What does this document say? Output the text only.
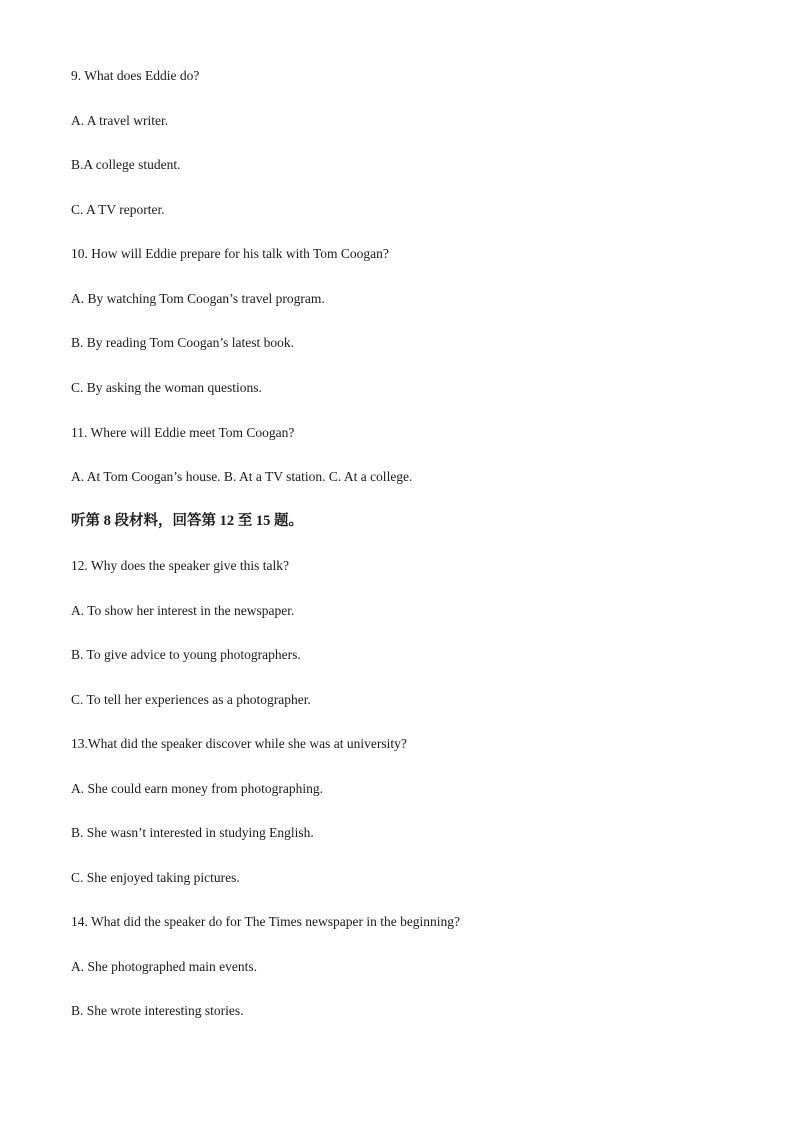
9. What does Eddie do?
A. A travel writer.
B.A college student.
C. A TV reporter.
10. How will Eddie prepare for his talk with Tom Coogan?
A. By watching Tom Coogan’s travel program.
B. By reading Tom Coogan’s latest book.
C. By asking the woman questions.
11. Where will Eddie meet Tom Coogan?
A. At Tom Coogan’s house. B. At a TV station. C. At a college.
听第 8 段材料，回答第 12 至 15 题。
12. Why does the speaker give this talk?
A. To show her interest in the newspaper.
B. To give advice to young photographers.
C. To tell her experiences as a photographer.
13.What did the speaker discover while she was at university?
A. She could earn money from photographing.
B. She wasn’t interested in studying English.
C. She enjoyed taking pictures.
14. What did the speaker do for The Times newspaper in the beginning?
A. She photographed main events.
B. She wrote interesting stories.
